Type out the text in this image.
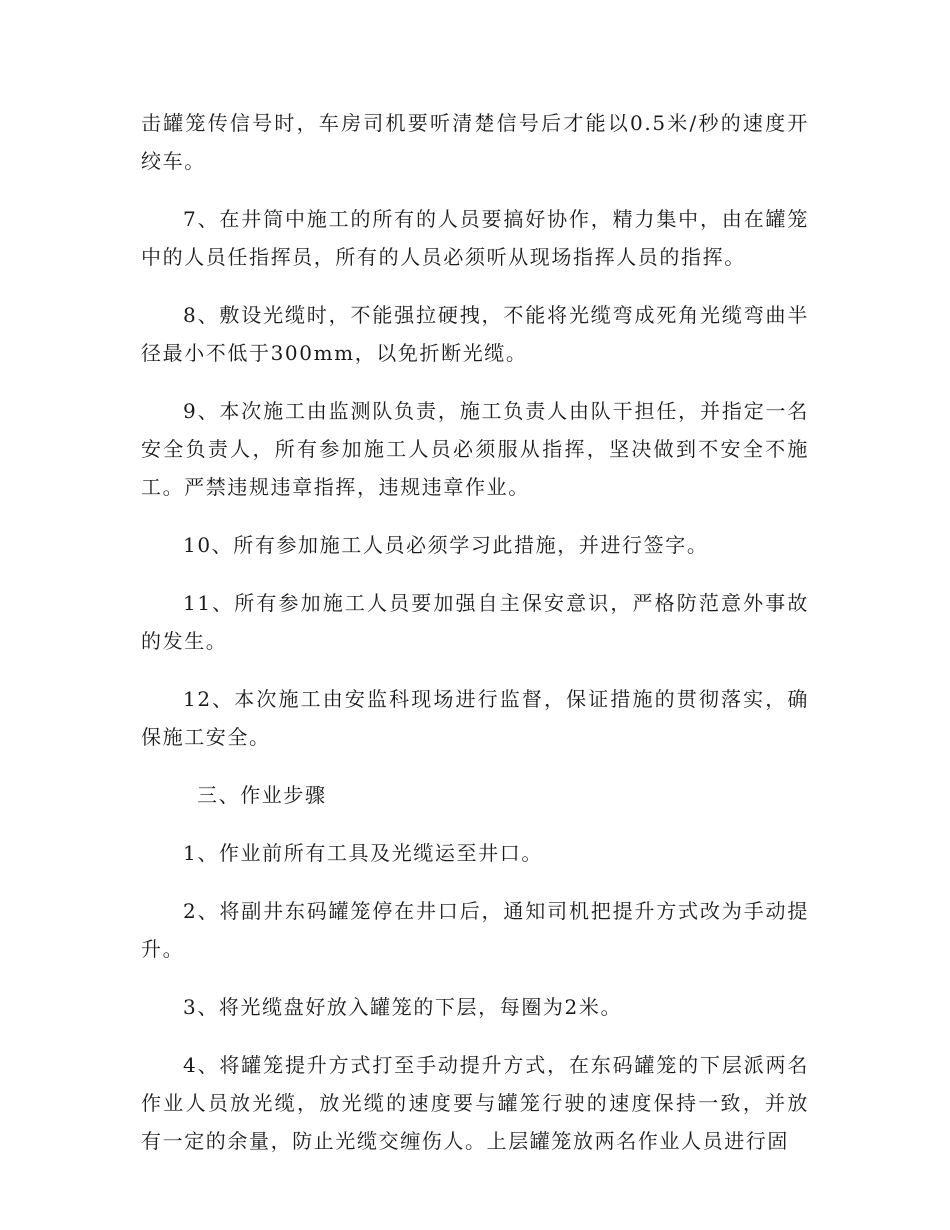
击罐笼传信号时，车房司机要听清楚信号后才能以0.5米/秒的速度开绞车。

7、在井筒中施工的所有的人员要搞好协作，精力集中，由在罐笼中的人员任指挥员，所有的人员必须听从现场指挥人员的指挥。

8、敷设光缆时，不能强拉硬拽，不能将光缆弯成死角光缆弯曲半径最小不低于300mm，以免折断光缆。

9、本次施工由监测队负责，施工负责人由队干担任，并指定一名安全负责人，所有参加施工人员必须服从指挥，坚决做到不安全不施工。严禁违规违章指挥，违规违章作业。

10、所有参加施工人员必须学习此措施，并进行签字。

11、所有参加施工人员要加强自主保安意识，严格防范意外事故的发生。

12、本次施工由安监科现场进行监督，保证措施的贯彻落实，确保施工安全。

三、作业步骤

1、作业前所有工具及光缆运至井口。

2、将副井东码罐笼停在井口后，通知司机把提升方式改为手动提升。

3、将光缆盘好放入罐笼的下层，每圈为2米。

4、将罐笼提升方式打至手动提升方式，在东码罐笼的下层派两名作业人员放光缆，放光缆的速度要与罐笼行驶的速度保持一致，并放有一定的余量，防止光缆交缠伤人。上层罐笼放两名作业人员进行固
